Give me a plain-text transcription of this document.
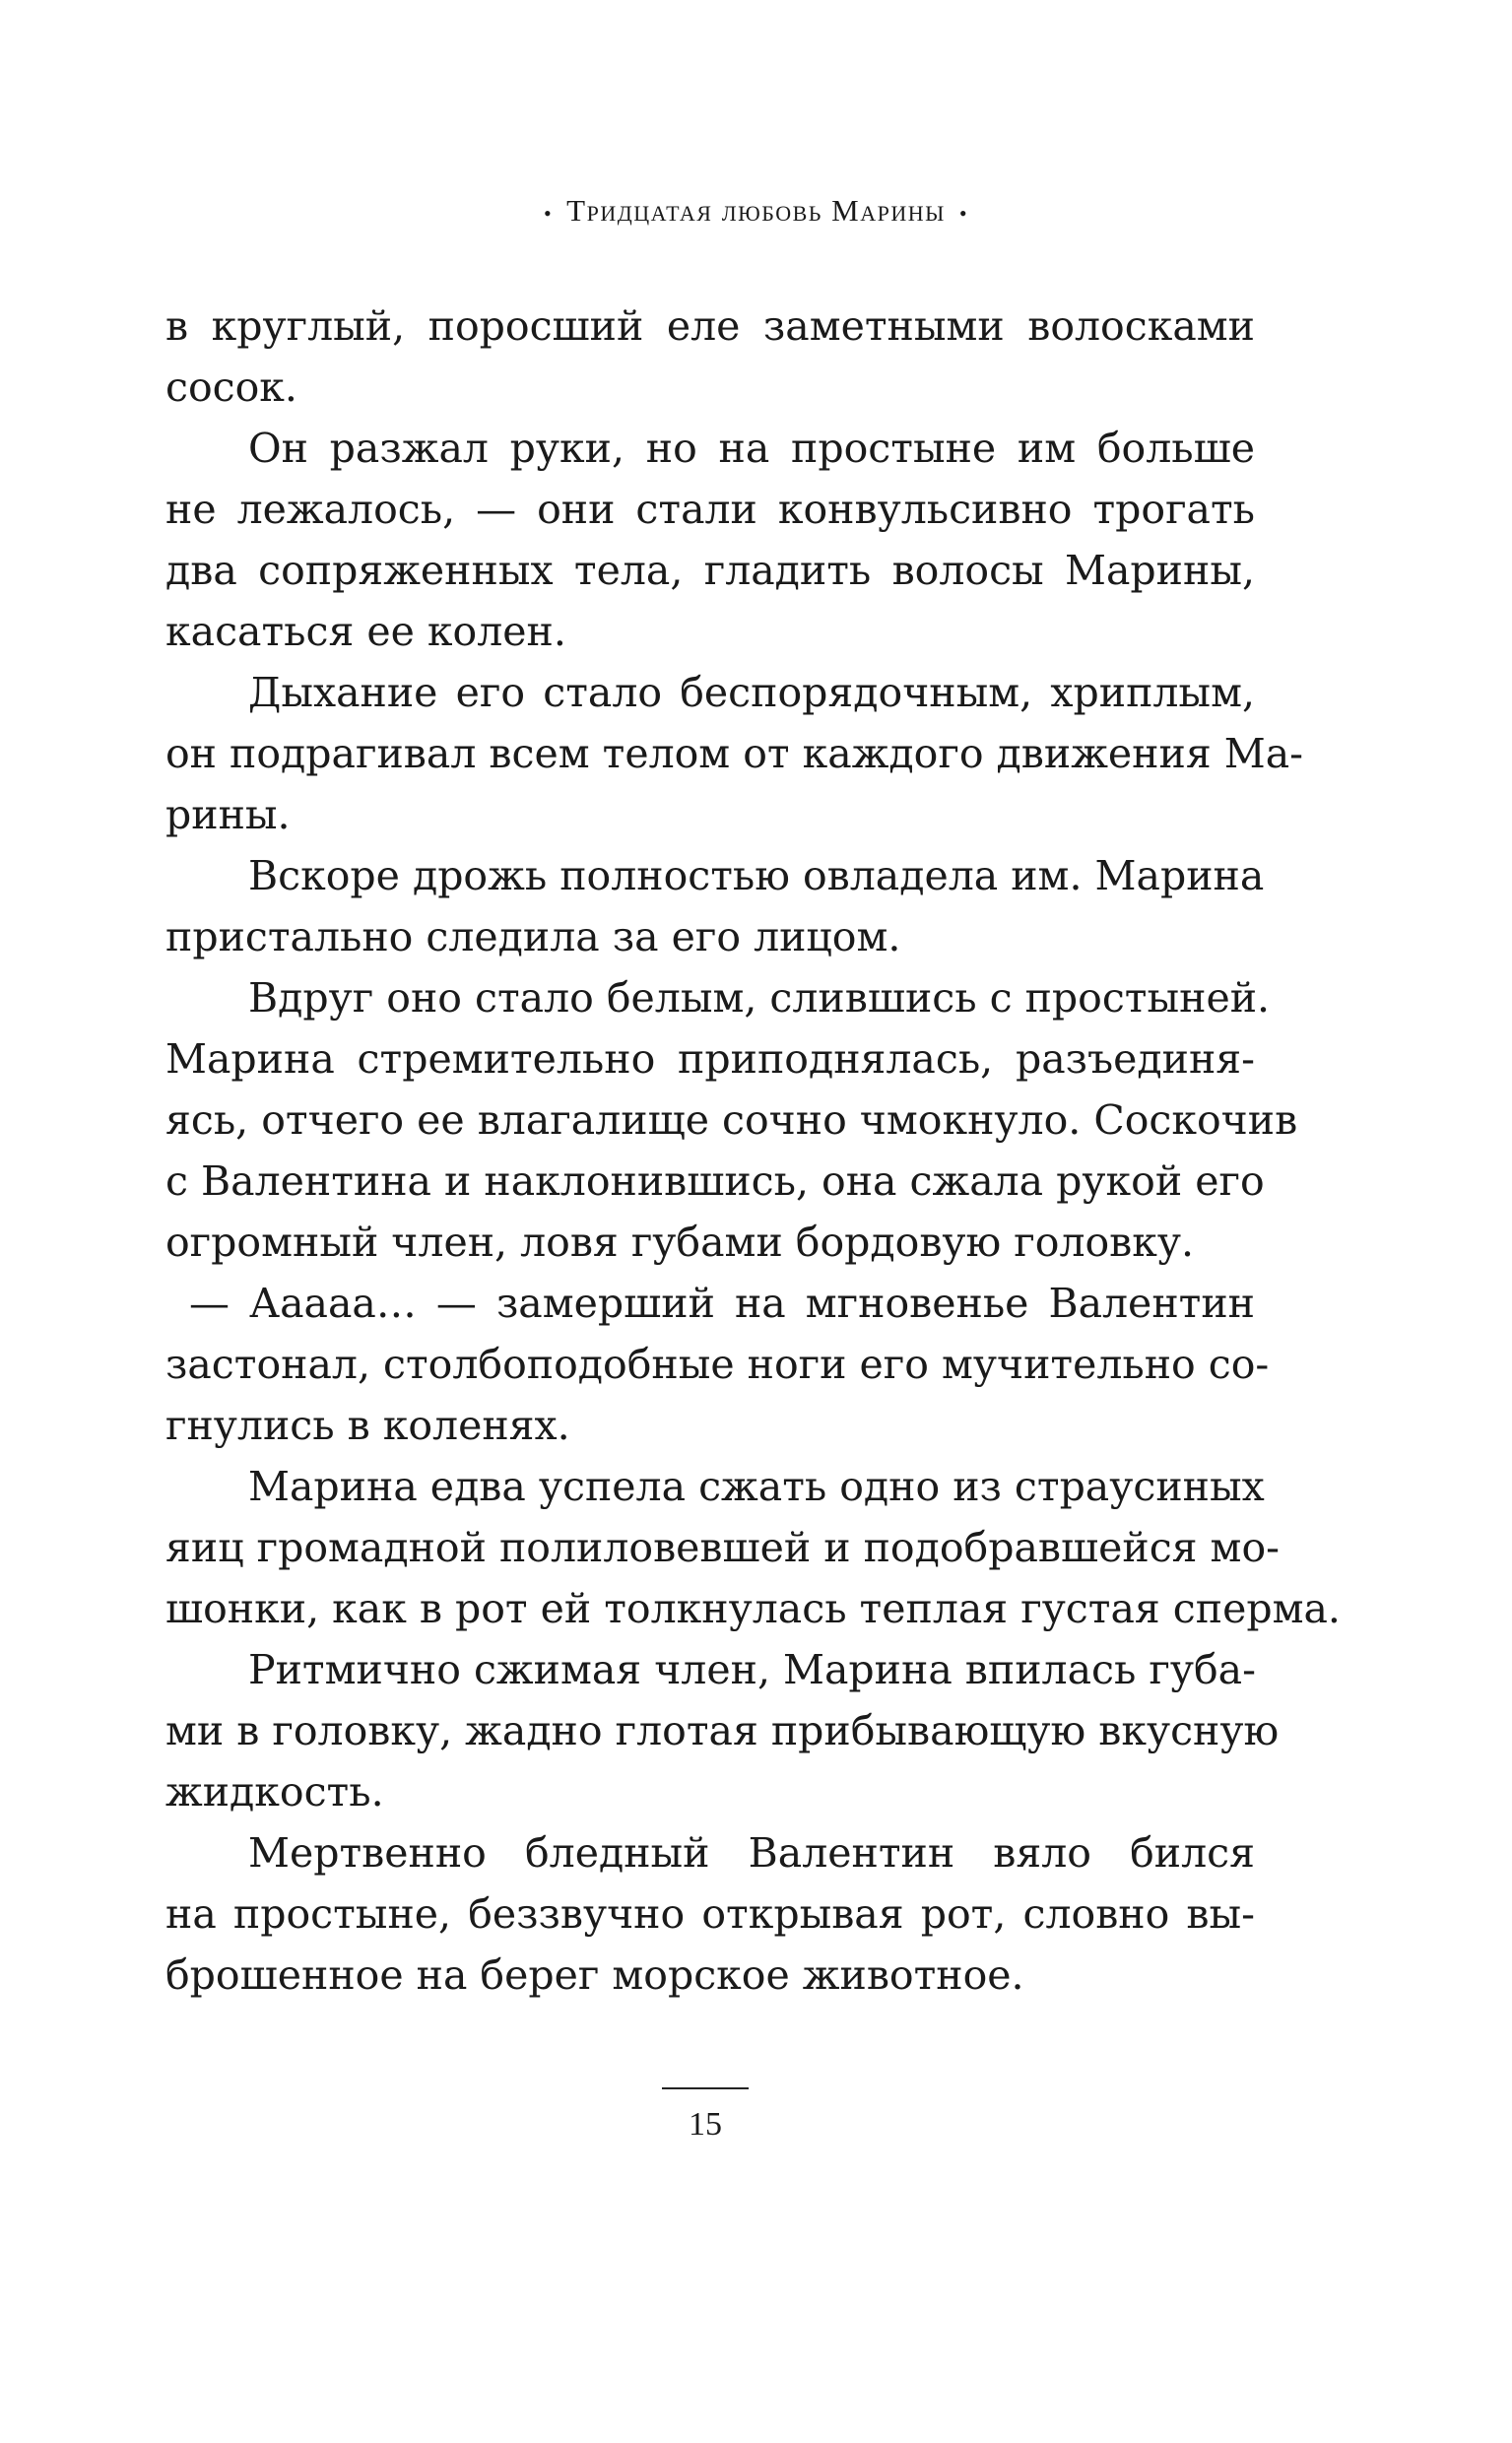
• Тридцатая любовь Марины •
в круглый, поросший еле заметными волосками
сосок.
Он разжал руки, но на простыне им больше
не лежалось, — они стали конвульсивно трогать
два сопряженных тела, гладить волосы Марины,
касаться ее колен.
Дыхание его стало беспорядочным, хриплым,
он подрагивал всем телом от каждого движения Ма-
рины.
Вскоре дрожь полностью овладела им. Марина
пристально следила за его лицом.
Вдруг оно стало белым, слившись с простыней.
Марина стремительно приподнялась, разъединя-
ясь, отчего ее влагалище сочно чмокнуло. Соскочив
с Валентина и наклонившись, она сжала рукой его
огромный член, ловя губами бордовую головку.
— Ааааа… — замерший на мгновенье Валентин
застонал, столбоподобные ноги его мучительно со-
гнулись в коленях.
Марина едва успела сжать одно из страусиных
яиц громадной полиловевшей и подобравшейся мо-
шонки, как в рот ей толкнулась теплая густая сперма.
Ритмично сжимая член, Марина впилась губа-
ми в головку, жадно глотая прибывающую вкусную
жидкость.
Мертвенно бледный Валентин вяло бился
на простыне, беззвучно открывая рот, словно вы-
брошенное на берег морское животное.
15
